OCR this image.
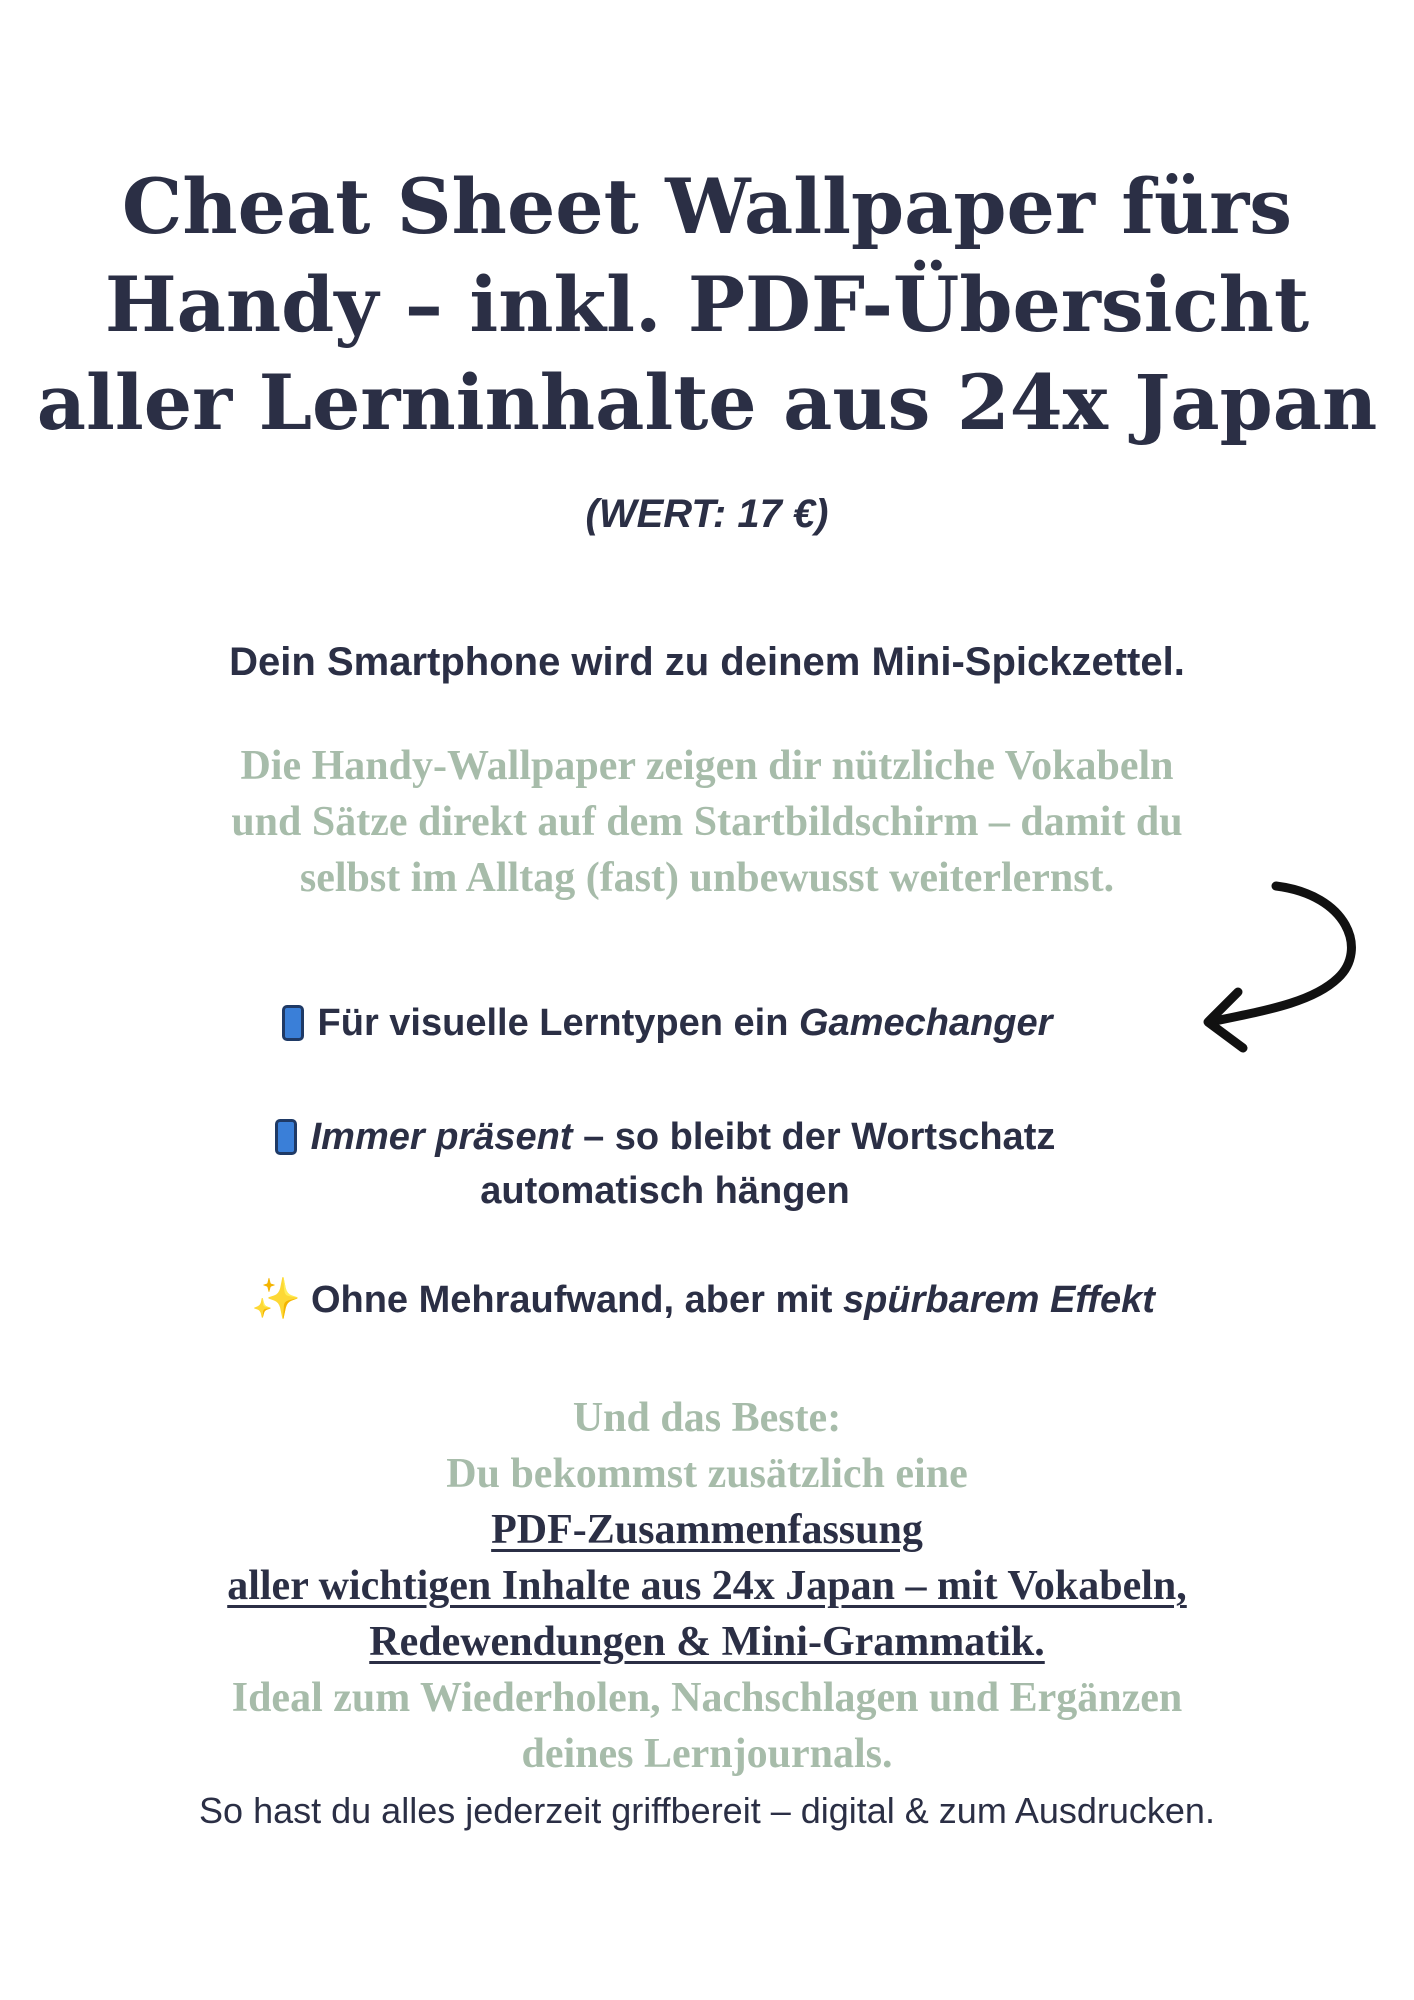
Cheat Sheet Wallpaper fürs
Handy – inkl. PDF-Übersicht
aller Lerninhalte aus 24x Japan
(WERT: 17 €)
Dein Smartphone wird zu deinem Mini-Spickzettel.
Die Handy-Wallpaper zeigen dir nützliche Vokabeln
und Sätze direkt auf dem Startbildschirm – damit du
selbst im Alltag (fast) unbewusst weiterlernst.
Für visuelle Lerntypen ein Gamechanger
Immer präsent – so bleibt der Wortschatz
automatisch hängen
✨ Ohne Mehraufwand, aber mit spürbarem Effekt
Und das Beste:
Du bekommst zusätzlich eine
PDF-Zusammenfassung
aller wichtigen Inhalte aus 24x Japan – mit Vokabeln,
Redewendungen & Mini-Grammatik.
Ideal zum Wiederholen, Nachschlagen und Ergänzen
deines Lernjournals.
So hast du alles jederzeit griffbereit – digital & zum Ausdrucken.
